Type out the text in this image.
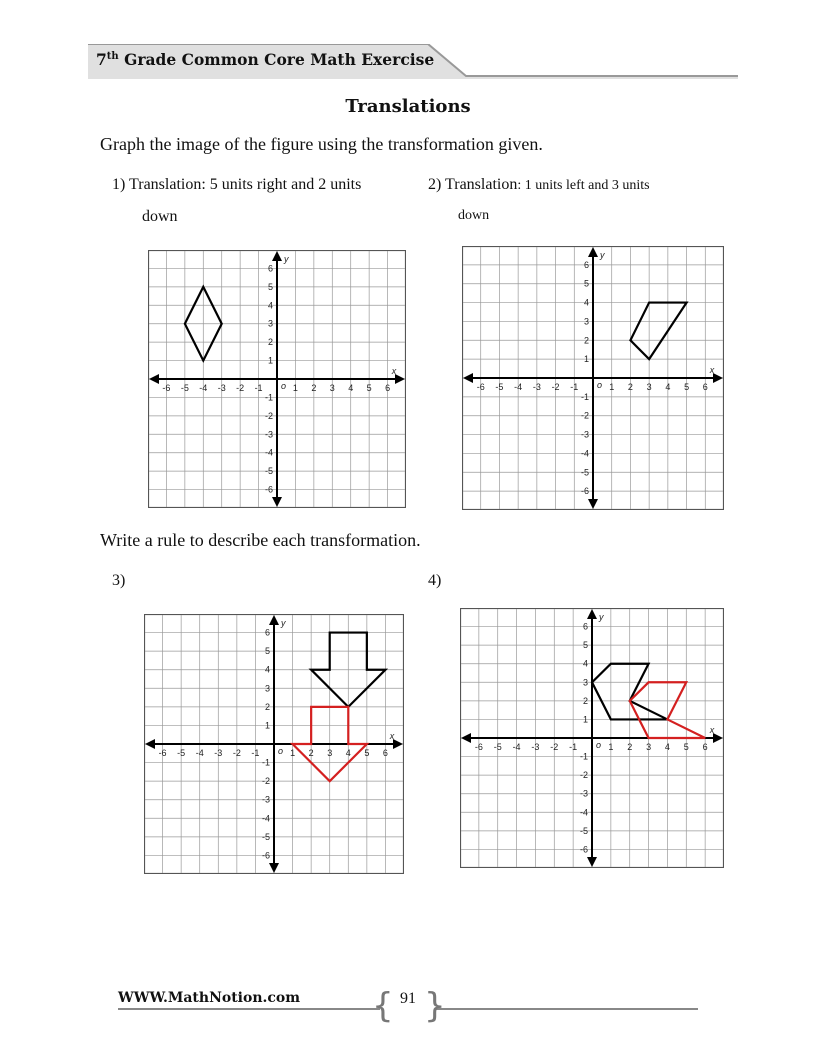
7th Grade Common Core Math Exercise
Translations
Graph the image of the figure using the transformation given.
1) Translation: 5 units right and 2 units
down
2) Translation: 1 units left and 3 units
down
-6
-6
-5
-5
-4
-4
-3
-3
-2
-2
-1
-1
1
1
2
2
3
3
4
4
5
5
6
6
o
x
y
-6
-6
-5
-5
-4
-4
-3
-3
-2
-2
-1
-1
1
1
2
2
3
3
4
4
5
5
6
6
o
x
y
Write a rule to describe each transformation.
3)	4)
-6
-6
-5
-5
-4
-4
-3
-3
-2
-2
-1
-1
1
1
2
2
3
3
4
4
5
5
6
6
o
x
y
-6
-6
-5
-5
-4
-4
-3
-3
-2
-2
-1
-1
1
1
2
2
3
3
4
4
5
5
6
6
o
x
y
WWW.MathNotion.com { }
91
